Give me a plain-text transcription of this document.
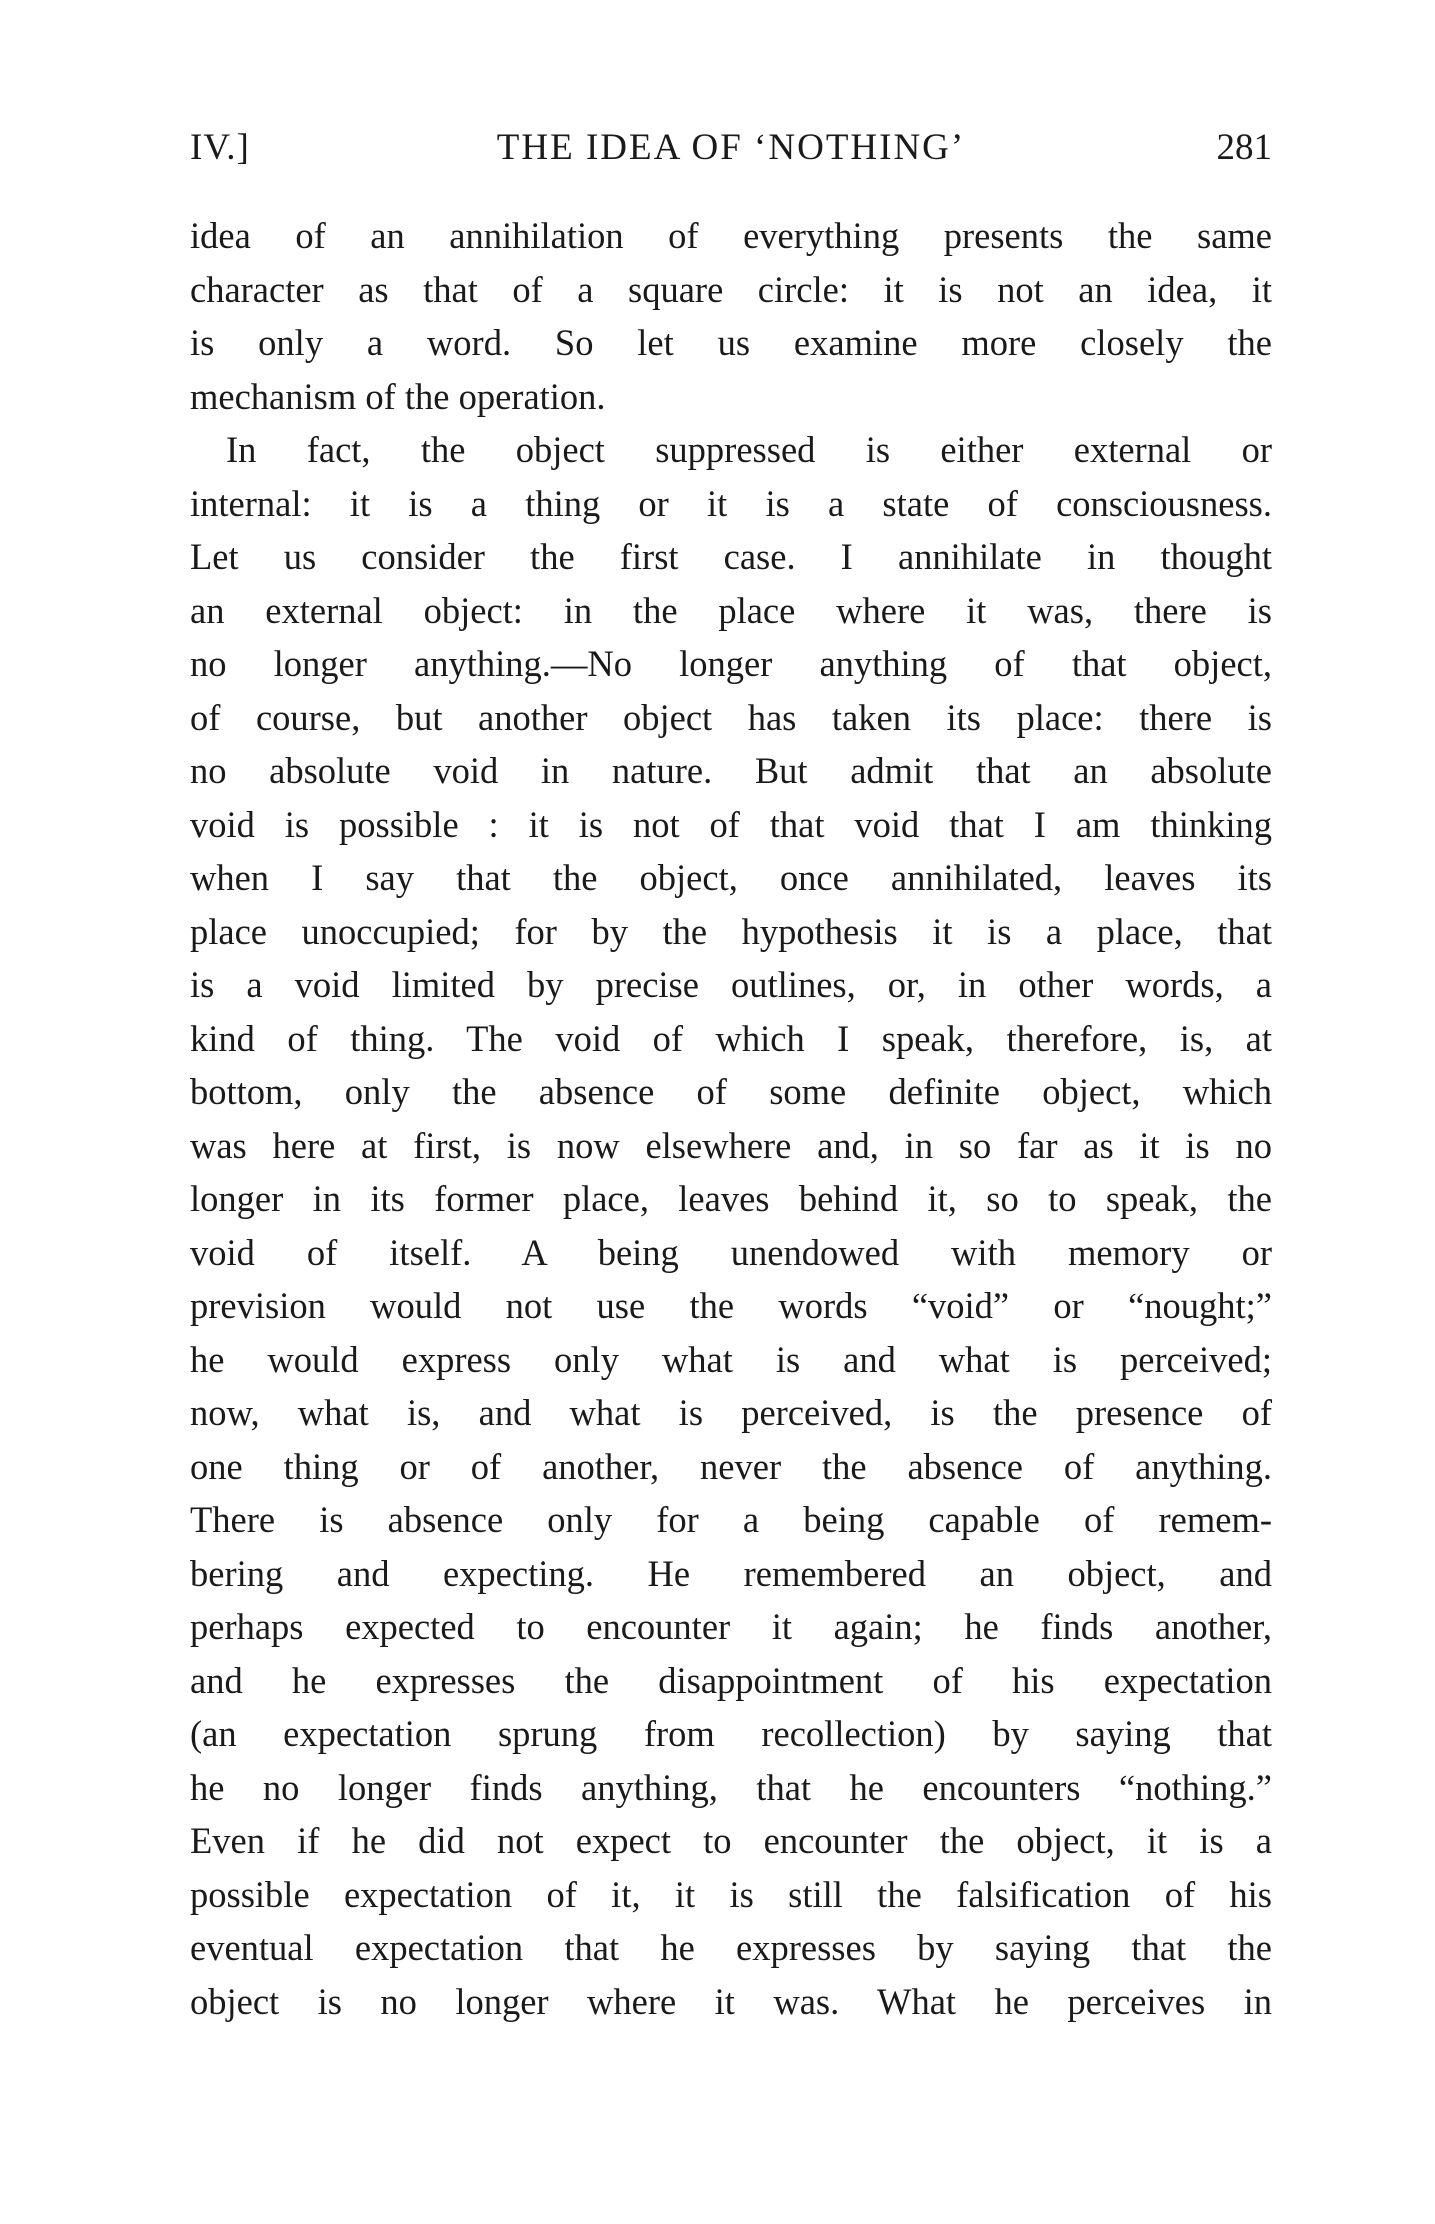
IV.]	THE IDEA OF ‘NOTHING’	281
idea of an annihilation of everything presents the same
character as that of a square circle: it is not an idea, it
is only a word. So let us examine more closely the
mechanism of the operation.
In fact, the object suppressed is either external or
internal: it is a thing or it is a state of consciousness.
Let us consider the first case. I annihilate in thought
an external object: in the place where it was, there is
no longer anything.—No longer anything of that object,
of course, but another object has taken its place: there is
no absolute void in nature. But admit that an absolute
void is possible : it is not of that void that I am thinking
when I say that the object, once annihilated, leaves its
place unoccupied; for by the hypothesis it is a place, that
is a void limited by precise outlines, or, in other words, a
kind of thing. The void of which I speak, therefore, is, at
bottom, only the absence of some definite object, which
was here at first, is now elsewhere and, in so far as it is no
longer in its former place, leaves behind it, so to speak, the
void of itself. A being unendowed with memory or
prevision would not use the words “void” or “nought;”
he would express only what is and what is perceived;
now, what is, and what is perceived, is the presence of
one thing or of another, never the absence of anything.
There is absence only for a being capable of remem-
bering and expecting. He remembered an object, and
perhaps expected to encounter it again; he finds another,
and he expresses the disappointment of his expectation
(an expectation sprung from recollection) by saying that
he no longer finds anything, that he encounters “nothing.”
Even if he did not expect to encounter the object, it is a
possible expectation of it, it is still the falsification of his
eventual expectation that he expresses by saying that the
object is no longer where it was. What he perceives in
